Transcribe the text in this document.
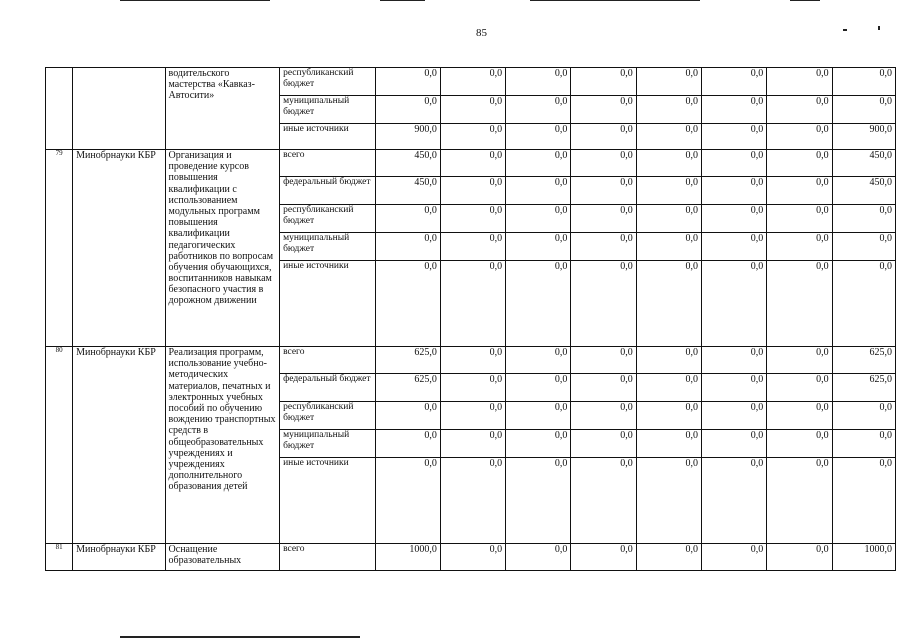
85
		водительского мастерства «Кавказ-Автосити»	республиканский бюджет	0,0	0,0	0,0	0,0	0,0	0,0	0,0	0,0
			муниципальный бюджет	0,0	0,0	0,0	0,0	0,0	0,0	0,0	0,0
			иные источники	900,0	0,0	0,0	0,0	0,0	0,0	0,0	900,0
79	Минобрнауки КБР	Организация и проведение курсов повышения квалификации с использованием модульных программ повышения квалификации педагогических работников по вопросам обучения обучающихся, воспитанников навыкам безопасного участия в дорожном движении	всего	450,0	0,0	0,0	0,0	0,0	0,0	0,0	450,0
			федеральный бюджет	450,0	0,0	0,0	0,0	0,0	0,0	0,0	450,0
			республиканский бюджет	0,0	0,0	0,0	0,0	0,0	0,0	0,0	0,0
			муниципальный бюджет	0,0	0,0	0,0	0,0	0,0	0,0	0,0	0,0
			иные источники	0,0	0,0	0,0	0,0	0,0	0,0	0,0	0,0
80	Минобрнауки КБР	Реализация программ, использование учебно-методических материалов, печатных и электронных учебных пособий по обучению вождению транспортных средств в общеобразовательных учреждениях и учреждениях дополнительного образования детей	всего	625,0	0,0	0,0	0,0	0,0	0,0	0,0	625,0
			федеральный бюджет	625,0	0,0	0,0	0,0	0,0	0,0	0,0	625,0
			республиканский бюджет	0,0	0,0	0,0	0,0	0,0	0,0	0,0	0,0
			муниципальный бюджет	0,0	0,0	0,0	0,0	0,0	0,0	0,0	0,0
			иные источники	0,0	0,0	0,0	0,0	0,0	0,0	0,0	0,0
81	Минобрнауки КБР	Оснащение образовательных	всего	1000,0	0,0	0,0	0,0	0,0	0,0	0,0	1000,0
